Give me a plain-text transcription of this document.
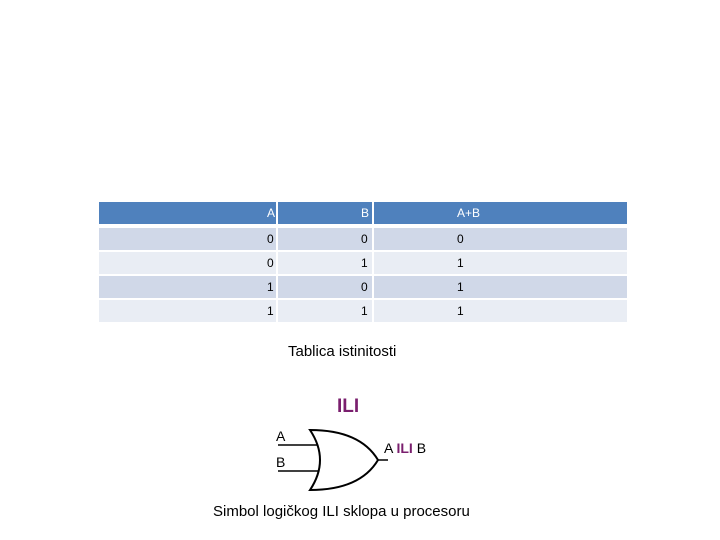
A	B	A+B

0	0	0

0	1	1

1	0	1

1	1	1
Tablica istinitosti
ILI
A
B
A ILI B
Simbol logičkog ILI sklopa u procesoru
